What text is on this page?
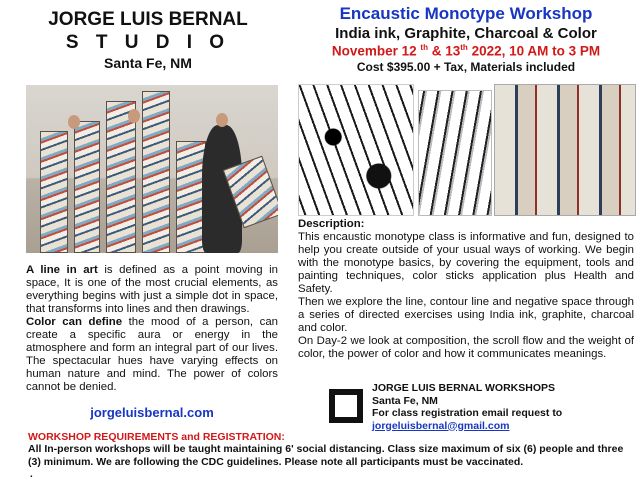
JORGE LUIS BERNAL
S T U D I O
Santa Fe, NM
Encaustic Monotype Workshop
India ink, Graphite, Charcoal & Color
November 12 $^{th}$ & 13th 2022, 10 AM to 3 PM
Cost $395.00 + Tax, Materials included

Description:

This encaustic monotype class is informative and fun, designed to help you create outside of your usual ways of working. We begin with the monotype basics, by covering the equipment, tools and painting techniques, color sticks application plus Health and Safety.

Then we explore the line, contour line and negative space through a series of directed exercises using India ink, graphite, charcoal and color.

On Day-2 we look at composition, the scroll flow and the weight of color, the power of color and how it communicates meanings.

A line in art is defined as a point moving in space, It is one of the most crucial elements, as everything begins with just a simple dot in space, that transforms into lines and then drawings.

Color can define the mood of a person, can create a specific aura or energy in the atmosphere and form an integral part of our lives. The spectacular hues have varying effects on human nature and mind. The power of colors cannot be denied.

jorgeluisbernal.com
JORGE LUIS BERNAL WORKSHOPS
Santa Fe, NM
For class registration email request to
jorgeluisbernal@gmail.com
WORKSHOP REQUIREMENTS and REGISTRATION:
All In-person workshops will be taught maintaining 6' social distancing. Class size maximum of six (6) people and three (3) minimum. We are following the CDC guidelines. Please note all participants must be vaccinated.
.
